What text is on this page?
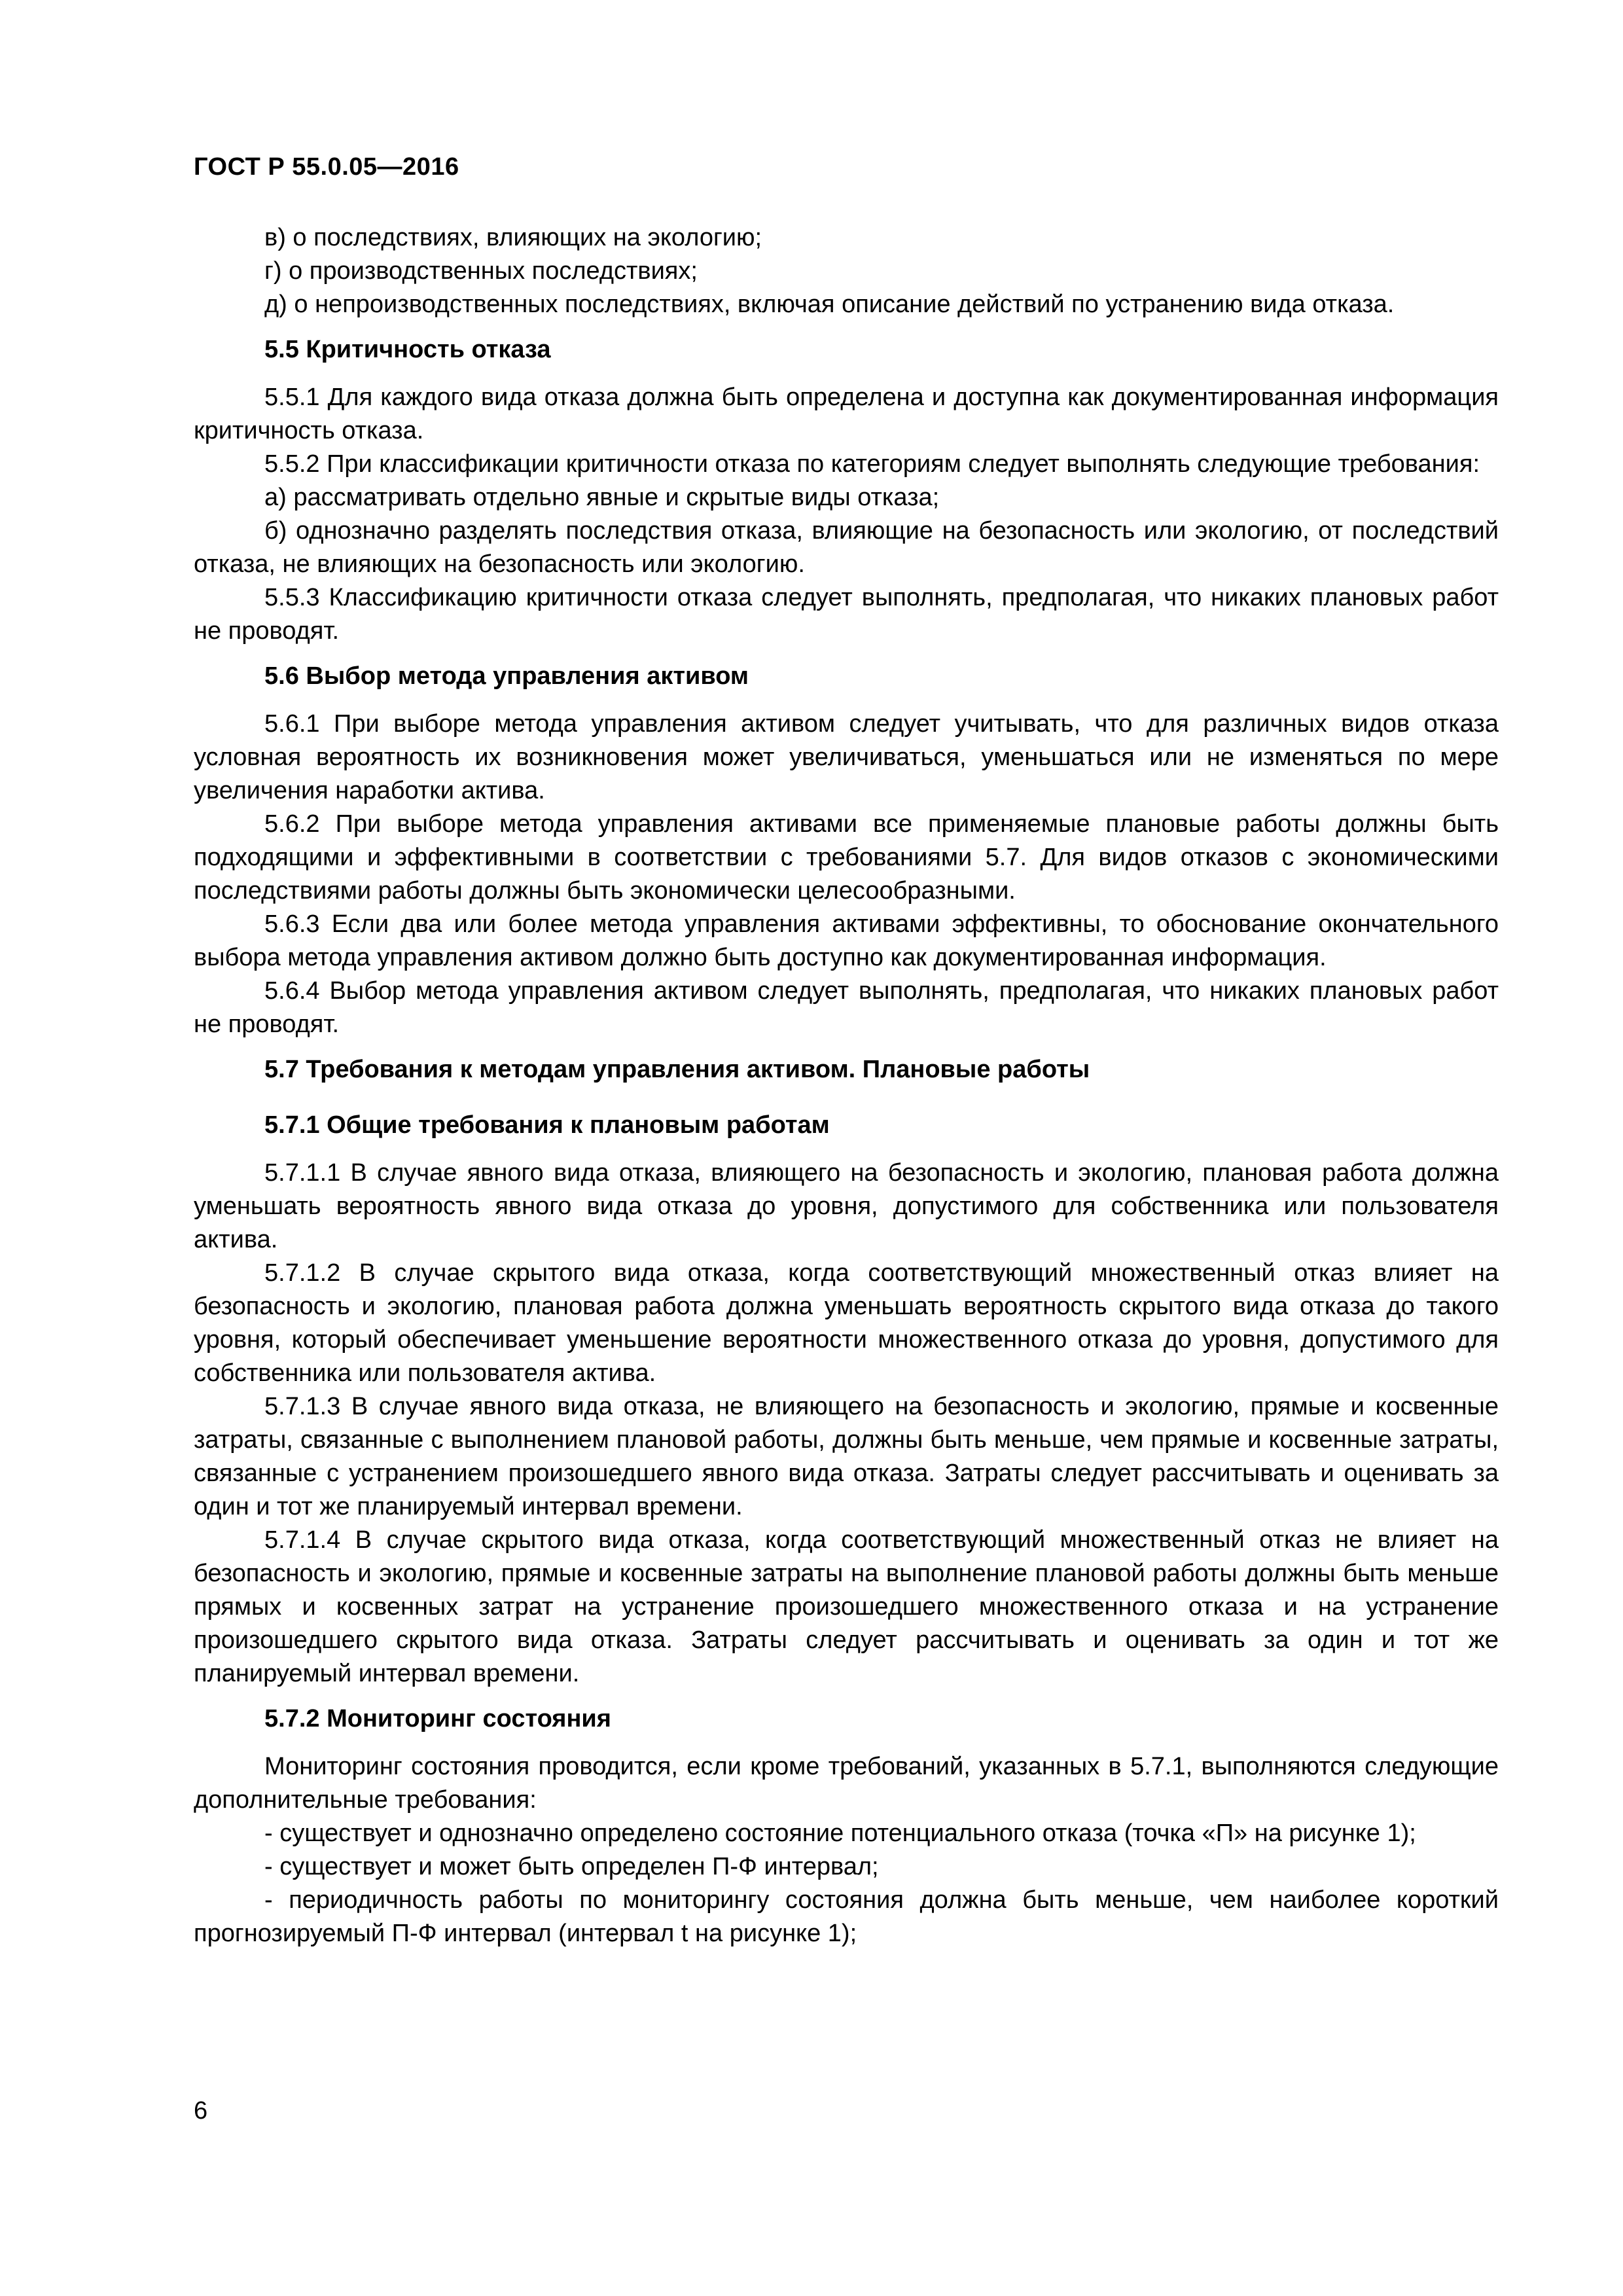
ГОСТ Р 55.0.05—2016

в) о последствиях, влияющих на экологию;

г) о производственных последствиях;

д) о непроизводственных последствиях, включая описание действий по устранению вида отказа.

5.5 Критичность отказа

5.5.1 Для каждого вида отказа должна быть определена и доступна как документированная информация критичность отказа.

5.5.2 При классификации критичности отказа по категориям следует выполнять следующие требования:

а) рассматривать отдельно явные и скрытые виды отказа;

б) однозначно разделять последствия отказа, влияющие на безопасность или экологию, от последствий отказа, не влияющих на безопасность или экологию.

5.5.3 Классификацию критичности отказа следует выполнять, предполагая, что никаких плановых работ не проводят.

5.6 Выбор метода управления активом

5.6.1 При выборе метода управления активом следует учитывать, что для различных видов отказа условная вероятность их возникновения может увеличиваться, уменьшаться или не изменяться по мере увеличения наработки актива.

5.6.2 При выборе метода управления активами все применяемые плановые работы должны быть подходящими и эффективными в соответствии с требованиями 5.7. Для видов отказов с экономическими последствиями работы должны быть экономически целесообразными.

5.6.3 Если два или более метода управления активами эффективны, то обоснование окончательного выбора метода управления активом должно быть доступно как документированная информация.

5.6.4 Выбор метода управления активом следует выполнять, предполагая, что никаких плановых работ не проводят.

5.7 Требования к методам управления активом. Плановые работы

5.7.1 Общие требования к плановым работам

5.7.1.1 В случае явного вида отказа, влияющего на безопасность и экологию, плановая работа должна уменьшать вероятность явного вида отказа до уровня, допустимого для собственника или пользователя актива.

5.7.1.2 В случае скрытого вида отказа, когда соответствующий множественный отказ влияет на безопасность и экологию, плановая работа должна уменьшать вероятность скрытого вида отказа до такого уровня, который обеспечивает уменьшение вероятности множественного отказа до уровня, допустимого для собственника или пользователя актива.

5.7.1.3 В случае явного вида отказа, не влияющего на безопасность и экологию, прямые и косвенные затраты, связанные с выполнением плановой работы, должны быть меньше, чем прямые и косвенные затраты, связанные с устранением произошедшего явного вида отказа. Затраты следует рассчитывать и оценивать за один и тот же планируемый интервал времени.

5.7.1.4 В случае скрытого вида отказа, когда соответствующий множественный отказ не влияет на безопасность и экологию, прямые и косвенные затраты на выполнение плановой работы должны быть меньше прямых и косвенных затрат на устранение произошедшего множественного отказа и на устранение произошедшего скрытого вида отказа. Затраты следует рассчитывать и оценивать за один и тот же планируемый интервал времени.

5.7.2 Мониторинг состояния

Мониторинг состояния проводится, если кроме требований, указанных в 5.7.1, выполняются следующие дополнительные требования:

- существует и однозначно определено состояние потенциального отказа (точка «П» на рисунке 1);

- существует и может быть определен П-Ф интервал;

- периодичность работы по мониторингу состояния должна быть меньше, чем наиболее короткий прогнозируемый П-Ф интервал (интервал t на рисунке 1);

6
